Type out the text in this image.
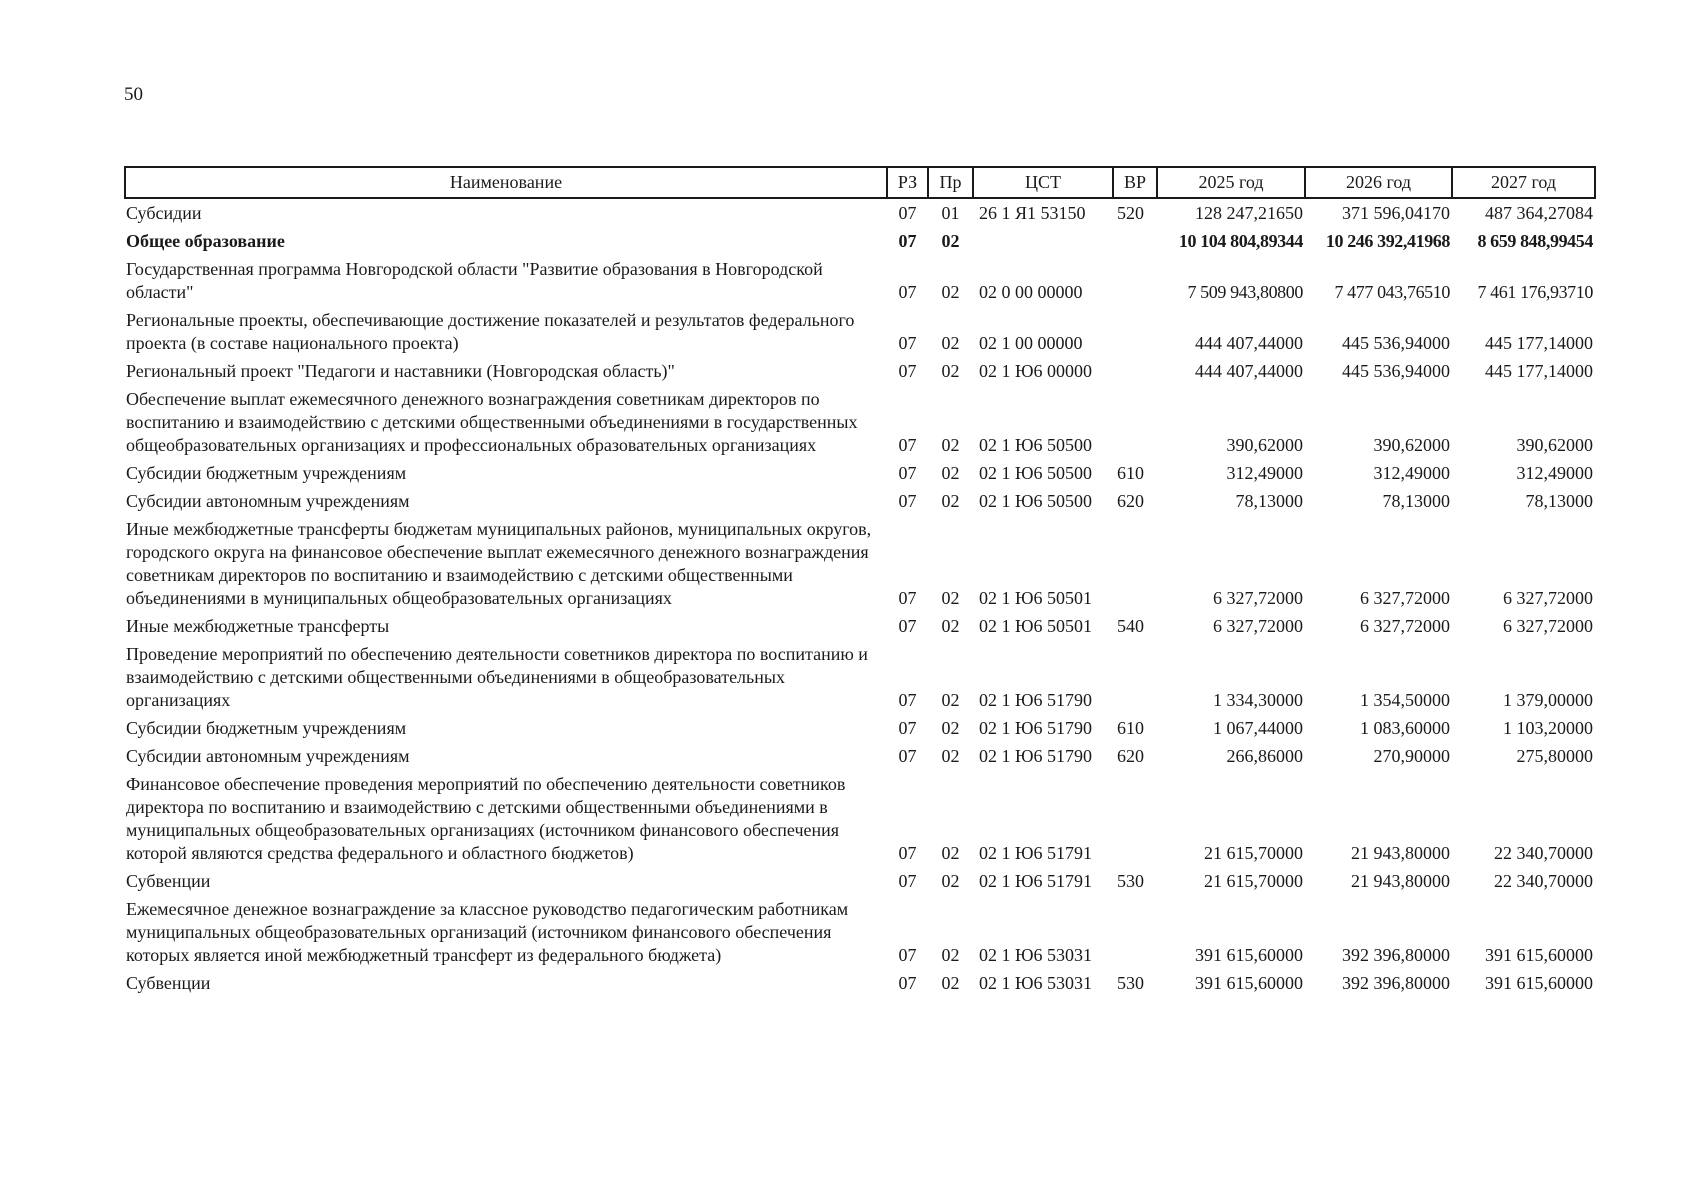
50
Наименование	РЗ	Пр	ЦСТ	ВР	2025 год	2026 год	2027 год
Субсидии	07	01	26 1 Я1 53150	520	128 247,21650	371 596,04170	487 364,27084
Общее образование	07	02			10 104 804,89344	10 246 392,41968	8 659 848,99454
Государственная программа Новгородской области "Развитие образования в Новгородской области"	07	02	02 0 00 00000		7 509 943,80800	7 477 043,76510	7 461 176,93710
Региональные проекты, обеспечивающие достижение показателей и результатов федерального проекта (в составе национального проекта)	07	02	02 1 00 00000		444 407,44000	445 536,94000	445 177,14000
Региональный проект "Педагоги и наставники (Новгородская область)"	07	02	02 1 Ю6 00000		444 407,44000	445 536,94000	445 177,14000
Обеспечение выплат ежемесячного денежного вознаграждения советникам директоров по воспитанию и взаимодействию с детскими общественными объединениями в государственных общеобразовательных организациях и профессиональных образовательных организациях	07	02	02 1 Ю6 50500		390,62000	390,62000	390,62000
Субсидии бюджетным учреждениям	07	02	02 1 Ю6 50500	610	312,49000	312,49000	312,49000
Субсидии автономным учреждениям	07	02	02 1 Ю6 50500	620	78,13000	78,13000	78,13000
Иные межбюджетные трансферты бюджетам муниципальных районов, муниципальных округов, городского округа на финансовое обеспечение выплат ежемесячного денежного вознаграждения советникам директоров по воспитанию и взаимодействию с детскими общественными объединениями в муниципальных общеобразовательных организациях	07	02	02 1 Ю6 50501		6 327,72000	6 327,72000	6 327,72000
Иные межбюджетные трансферты	07	02	02 1 Ю6 50501	540	6 327,72000	6 327,72000	6 327,72000
Проведение мероприятий по обеспечению деятельности советников директора по воспитанию и взаимодействию с детскими общественными объединениями в общеобразовательных организациях	07	02	02 1 Ю6 51790		1 334,30000	1 354,50000	1 379,00000
Субсидии бюджетным учреждениям	07	02	02 1 Ю6 51790	610	1 067,44000	1 083,60000	1 103,20000
Субсидии автономным учреждениям	07	02	02 1 Ю6 51790	620	266,86000	270,90000	275,80000
Финансовое обеспечение проведения мероприятий по обеспечению деятельности советников директора по воспитанию и взаимодействию с детскими общественными объединениями в муниципальных общеобразовательных организациях (источником финансового обеспечения которой являются средства федерального и областного бюджетов)	07	02	02 1 Ю6 51791		21 615,70000	21 943,80000	22 340,70000
Субвенции	07	02	02 1 Ю6 51791	530	21 615,70000	21 943,80000	22 340,70000
Ежемесячное денежное вознаграждение за классное руководство педагогическим работникам муниципальных общеобразовательных организаций (источником финансового обеспечения которых является иной межбюджетный трансферт из федерального бюджета)	07	02	02 1 Ю6 53031		391 615,60000	392 396,80000	391 615,60000
Субвенции	07	02	02 1 Ю6 53031	530	391 615,60000	392 396,80000	391 615,60000
